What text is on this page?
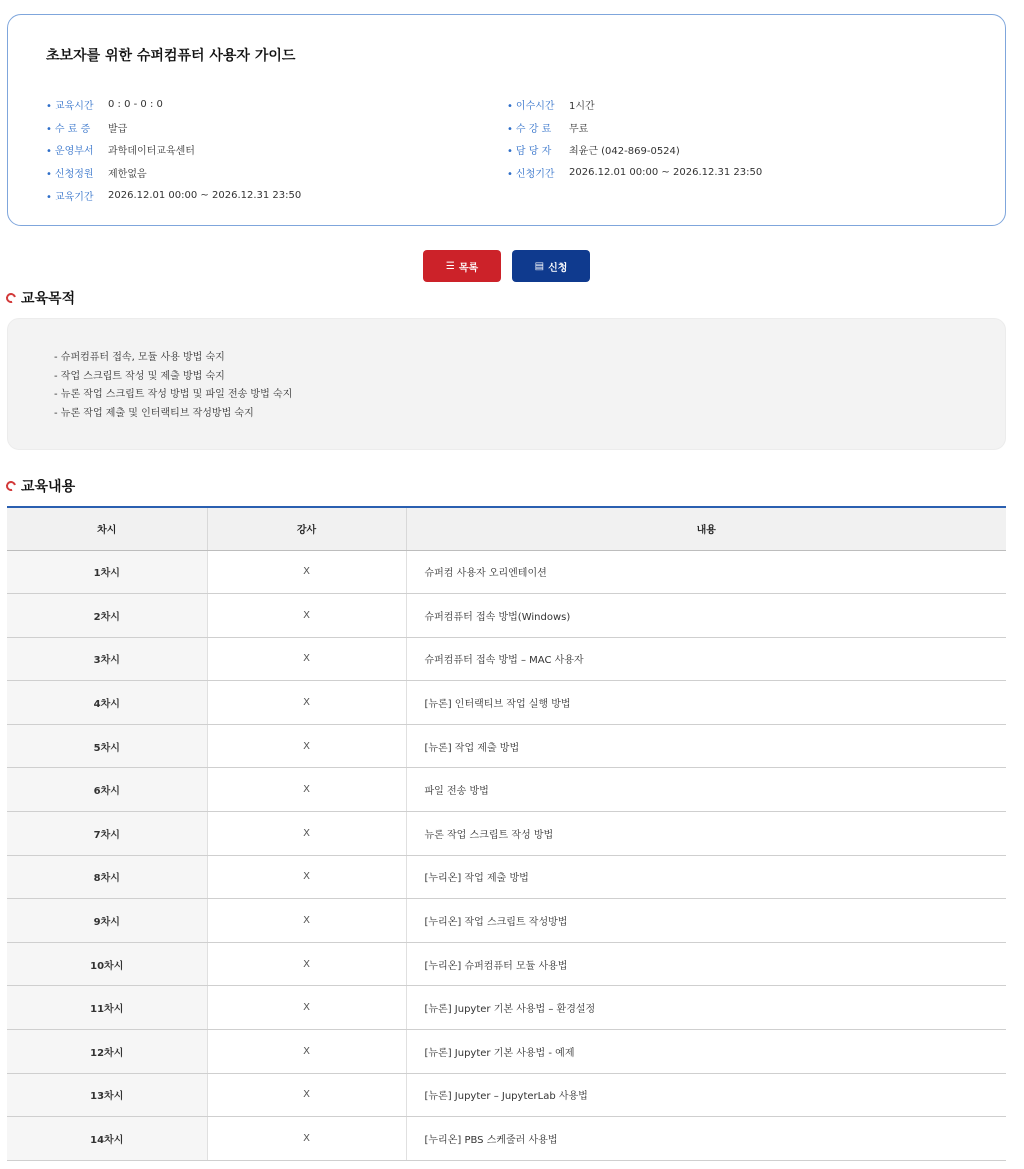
초보자를 위한 슈퍼컴퓨터 사용자 가이드
• 교육시간	0 : 0 - 0 : 0
• 수 료 증	발급
• 운영부서	과학데이터교육센터
• 신청정원	제한없음
• 교육기간	2026.12.01 00:00 ~ 2026.12.31 23:50
• 이수시간	1시간
• 수 강 료	무료
• 담 당 자	최윤근 (042-869-0524)
• 신청기간	2026.12.01 00:00 ~ 2026.12.31 23:50
☰ 목록	▤ 신청
교육목적
- 슈퍼컴퓨터 접속, 모듈 사용 방법 숙지
- 작업 스크립트 작성 및 제출 방법 숙지
- 뉴론 작업 스크립트 작성 방법 및 파일 전송 방법 숙지
- 뉴론 작업 제출 및 인터랙티브 작성방법 숙지
교육내용
차시	강사	내용
1차시	X	슈퍼컴 사용자 오리엔테이션
2차시	X	슈퍼컴퓨터 접속 방법(Windows)
3차시	X	슈퍼컴퓨터 접속 방법 – MAC 사용자
4차시	X	[뉴론] 인터랙티브 작업 실행 방법
5차시	X	[뉴론] 작업 제출 방법
6차시	X	파일 전송 방법
7차시	X	뉴론 작업 스크립트 작성 방법
8차시	X	[누리온] 작업 제출 방법
9차시	X	[누리온] 작업 스크립트 작성방법
10차시	X	[누리온] 슈퍼컴퓨터 모듈 사용법
11차시	X	[뉴론] Jupyter 기본 사용법 – 환경설정
12차시	X	[뉴론] Jupyter 기본 사용법 - 예제
13차시	X	[뉴론] Jupyter – JupyterLab 사용법
14차시	X	[누리온] PBS 스케줄러 사용법
